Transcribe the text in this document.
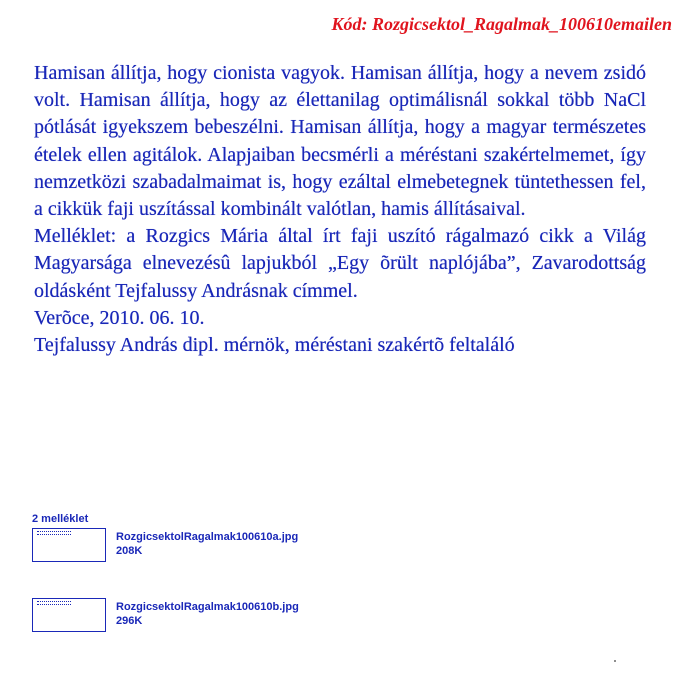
Kód: Rozgicsektol_Ragalmak_100610emailen

Hamisan állítja, hogy cionista vagyok. Hamisan állítja, hogy a nevem zsidó volt. Hamisan állítja, hogy az élettanilag optimálisnál sokkal több NaCl pótlását igyekszem bebeszélni. Hamisan állítja, hogy a magyar természetes ételek ellen agitálok. Alapjaiban becsmérli a méréstani szakértelmemet, így nemzetközi szabadalmaimat is, hogy ezáltal elmebetegnek tüntethessen fel, a cikkük faji uszítással kombinált valótlan, hamis állításaival.

Melléklet: a Rozgics Mária által írt faji uszító rágalmazó cikk a Világ Magyarsága elnevezésû lapjukból „Egy õrült naplójába”, Zavarodottság oldásként Tejfalussy Andrásnak címmel.

Verõce, 2010. 06. 10.

Tejfalussy András dipl. mérnök, méréstani szakértõ feltaláló

2 melléklet

RozgicsektolRagalmak100610a.jpg
208K
RozgicsektolRagalmak100610b.jpg
296K
